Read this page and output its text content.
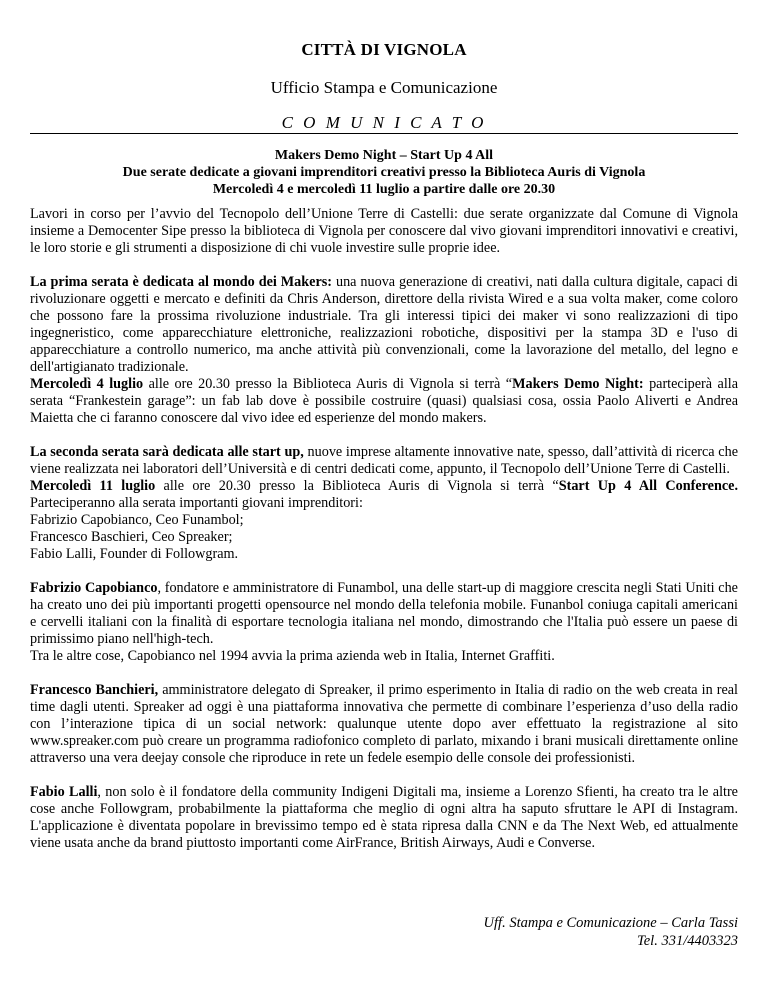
CITTÀ DI VIGNOLA
Ufficio Stampa e Comunicazione
C O M U N I C A T O
Makers Demo Night – Start Up 4 All
Due serate dedicate a giovani imprenditori creativi presso la Biblioteca Auris di Vignola
Mercoledì 4 e mercoledì 11 luglio a partire dalle ore 20.30

Lavori in corso per l’avvio del Tecnopolo dell’Unione Terre di Castelli: due serate organizzate dal Comune di Vignola insieme a Democenter Sipe presso la biblioteca di Vignola per conoscere dal vivo giovani imprenditori innovativi e creativi, le loro storie e gli strumenti a disposizione di chi vuole investire sulle proprie idee.

La prima serata è dedicata al mondo dei Makers: una nuova generazione di creativi, nati dalla cultura digitale, capaci di rivoluzionare oggetti e mercato e definiti da Chris Anderson, direttore della rivista Wired e a sua volta maker, come coloro che possono fare la prossima rivoluzione industriale. Tra gli interessi tipici dei maker vi sono realizzazioni di tipo ingegneristico, come apparecchiature elettroniche, realizzazioni robotiche, dispositivi per la stampa 3D e l'uso di apparecchiature a controllo numerico, ma anche attività più convenzionali, come la lavorazione del metallo, del legno e dell'artigianato tradizionale.
Mercoledì 4 luglio alle ore 20.30 presso la Biblioteca Auris di Vignola si terrà “Makers Demo Night: parteciperà alla serata “Frankestein garage”: un fab lab dove è possibile costruire (quasi) qualsiasi cosa, ossia Paolo Aliverti e Andrea Maietta che ci faranno conoscere dal vivo idee ed esperienze del mondo makers.

La seconda serata sarà dedicata alle start up, nuove imprese altamente innovative nate, spesso, dall’attività di ricerca che viene realizzata nei laboratori dell’Università e di centri dedicati come, appunto, il Tecnopolo dell’Unione Terre di Castelli.
Mercoledì 11 luglio alle ore 20.30 presso la Biblioteca Auris di Vignola si terrà “Start Up 4 All Conference. Parteciperanno alla serata importanti giovani imprenditori:
Fabrizio Capobianco, Ceo Funambol;
Francesco Baschieri, Ceo Spreaker;
Fabio Lalli, Founder di Followgram.

Fabrizio Capobianco, fondatore e amministratore di Funambol, una delle start-up di maggiore crescita negli Stati Uniti che ha creato uno dei più importanti progetti opensource nel mondo della telefonia mobile. Funanbol coniuga capitali americani e cervelli italiani con la finalità di esportare tecnologia italiana nel mondo, dimostrando che l'Italia può essere un paese di primissimo piano nell'high-tech.
Tra le altre cose, Capobianco nel 1994 avvia la prima azienda web in Italia, Internet Graffiti.

Francesco Banchieri, amministratore delegato di Spreaker, il primo esperimento in Italia di radio on the web creata in real time dagli utenti. Spreaker ad oggi è una piattaforma innovativa che permette di combinare l’esperienza d’uso della radio con l’interazione tipica di un social network: qualunque utente dopo aver effettuato la registrazione al sito www.spreaker.com può creare un programma radiofonico completo di parlato, mixando i brani musicali direttamente online attraverso una vera deejay console che riproduce in rete un fedele esempio delle console dei professionisti.

Fabio Lalli, non solo è il fondatore della community Indigeni Digitali ma, insieme a Lorenzo Sfienti, ha creato tra le altre cose anche Followgram, probabilmente la piattaforma che meglio di ogni altra ha saputo sfruttare le API di Instagram. L'applicazione è diventata popolare in brevissimo tempo ed è stata ripresa dalla CNN e da The Next Web, ed attualmente viene usata anche da brand piuttosto importanti come AirFrance, British Airways, Audi e Converse.

Uff. Stampa e Comunicazione – Carla Tassi
Tel. 331/4403323
